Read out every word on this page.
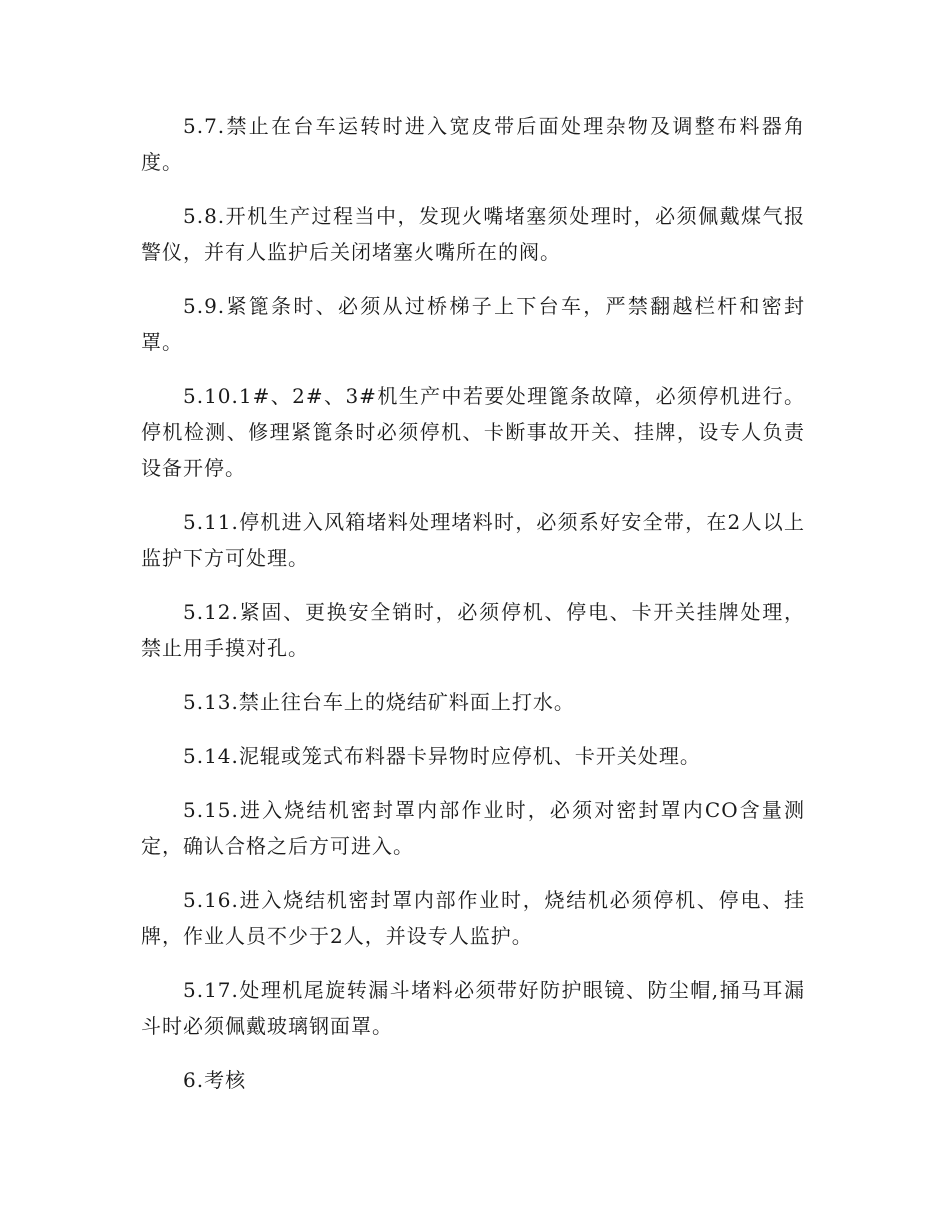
5.7.禁止在台车运转时进入宽皮带后面处理杂物及调整布料器角度。

5.8.开机生产过程当中，发现火嘴堵塞须处理时，必须佩戴煤气报警仪，并有人监护后关闭堵塞火嘴所在的阀。

5.9.紧篦条时、必须从过桥梯子上下台车，严禁翻越栏杆和密封罩。

5.10.1#、2#、3#机生产中若要处理篦条故障，必须停机进行。停机检测、修理紧篦条时必须停机、卡断事故开关、挂牌，设专人负责设备开停。

5.11.停机进入风箱堵料处理堵料时，必须系好安全带，在2人以上监护下方可处理。

5.12.紧固、更换安全销时，必须停机、停电、卡开关挂牌处理，禁止用手摸对孔。

5.13.禁止往台车上的烧结矿料面上打水。

5.14.泥辊或笼式布料器卡异物时应停机、卡开关处理。

5.15.进入烧结机密封罩内部作业时，必须对密封罩内CO含量测定，确认合格之后方可进入。

5.16.进入烧结机密封罩内部作业时，烧结机必须停机、停电、挂牌，作业人员不少于2人，并设专人监护。

5.17.处理机尾旋转漏斗堵料必须带好防护眼镜、防尘帽,捅马耳漏斗时必须佩戴玻璃钢面罩。

6.考核
